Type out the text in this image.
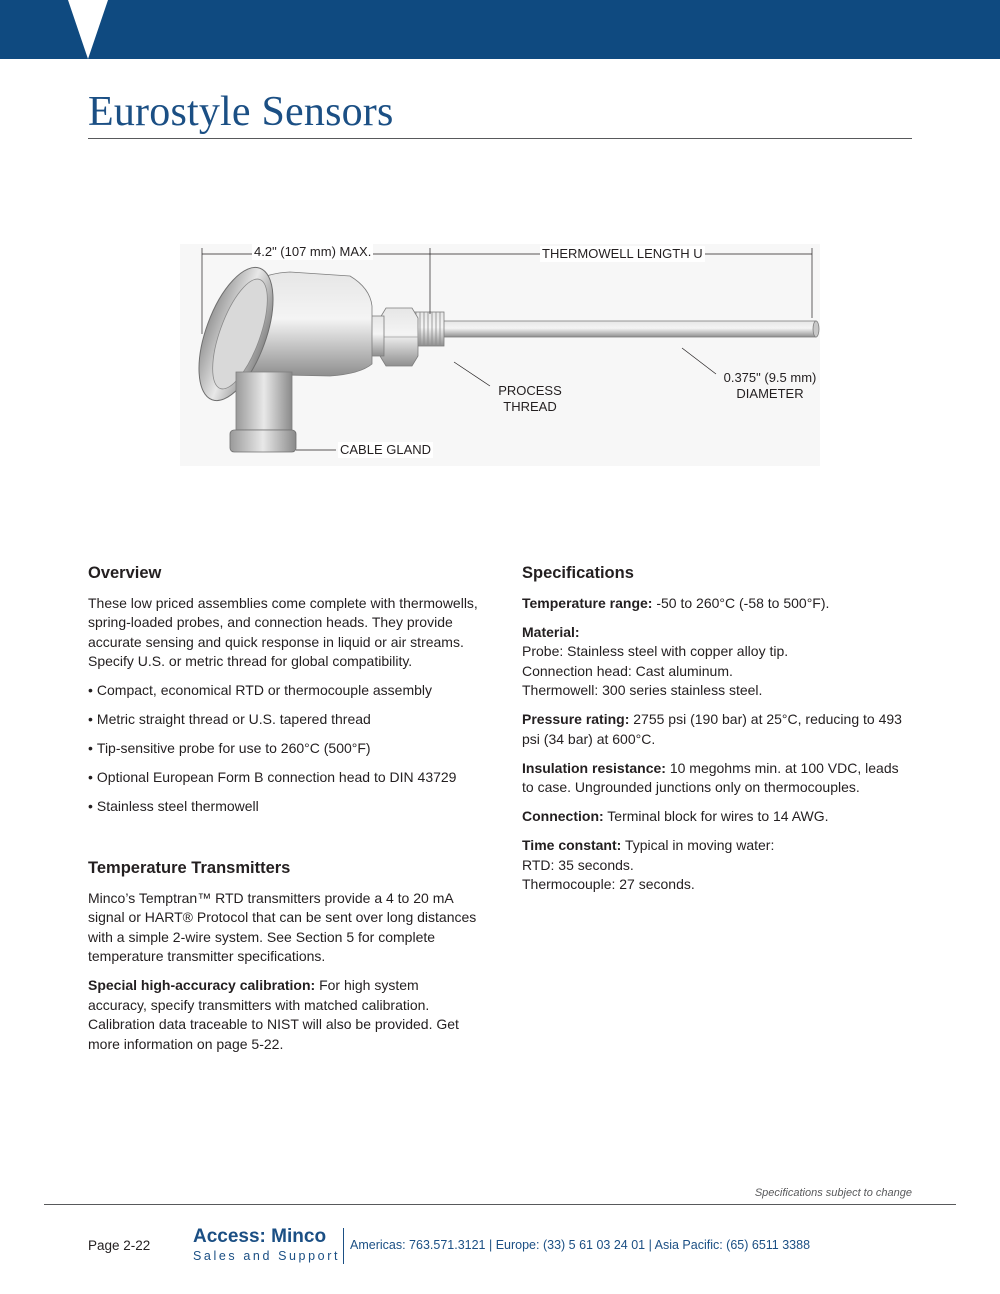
Eurostyle Sensors
4.2" (107 mm) MAX.	THERMOWELL LENGTH U
PROCESS
THREAD
0.375" (9.5 mm)
DIAMETER
CABLE GLAND
Overview

These low priced assemblies come complete with thermowells, spring-loaded probes, and connection heads. They provide accurate sensing and quick response in liquid or air streams. Specify U.S. or metric thread for global compatibility.

• Compact, economical RTD or thermocouple assembly
• Metric straight thread or U.S. tapered thread
• Tip-sensitive probe for use to 260°C (500°F)
• Optional European Form B connection head to DIN 43729
• Stainless steel thermowell
Temperature Transmitters

Minco’s Temptran™ RTD transmitters provide a 4 to 20 mA signal or HART® Protocol that can be sent over long distances with a simple 2-wire system. See Section 5 for complete temperature transmitter specifications.

Special high-accuracy calibration: For high system accuracy, specify transmitters with matched calibration. Calibration data traceable to NIST will also be provided. Get more information on page 5-22.

Specifications

Temperature range: -50 to 260°C (-58 to 500°F).

Material:
Probe: Stainless steel with copper alloy tip.
Connection head: Cast aluminum.
Thermowell: 300 series stainless steel.

Pressure rating: 2755 psi (190 bar) at 25°C, reducing to 493 psi (34 bar) at 600°C.

Insulation resistance: 10 megohms min. at 100 VDC, leads to case. Ungrounded junctions only on thermocouples.

Connection: Terminal block for wires to 14 AWG.

Time constant: Typical in moving water:
RTD: 35 seconds.
Thermocouple: 27 seconds.

Specifications subject to change
Page 2-22 Access: Minco
Sales and Support
Americas: 763.571.3121 | Europe: (33) 5 61 03 24 01 | Asia Pacific: (65) 6511 3388
